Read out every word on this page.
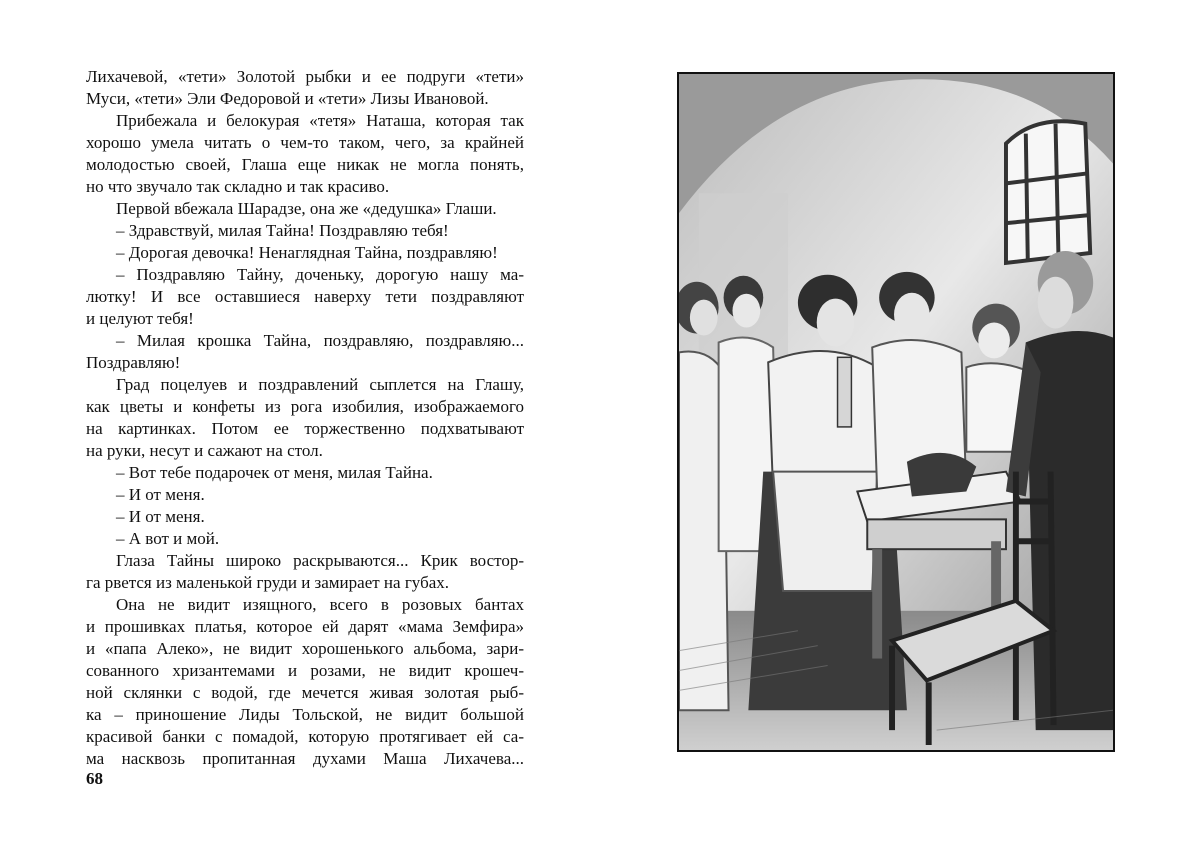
Лихачевой, «тети» Золотой рыбки и ее подруги «тети»
Муси, «тети» Эли Федоровой и «тети» Лизы Ивановой.
Прибежала и белокурая «тетя» Наташа, которая так
хорошо умела читать о чем-то таком, чего, за крайней
молодостью своей, Глаша еще никак не могла понять,
но что звучало так складно и так красиво.
Первой вбежала Шарадзе, она же «дедушка» Глаши.
– Здравствуй, милая Тайна! Поздравляю тебя!
– Дорогая девочка! Ненаглядная Тайна, поздравляю!
– Поздравляю Тайну, доченьку, дорогую нашу ма-
лютку! И все оставшиеся наверху тети поздравляют
и целуют тебя!
– Милая крошка Тайна, поздравляю, поздравляю...
Поздравляю!
Град поцелуев и поздравлений сыплется на Глашу,
как цветы и конфеты из рога изобилия, изображаемого
на картинках. Потом ее торжественно подхватывают
на руки, несут и сажают на стол.
– Вот тебе подарочек от меня, милая Тайна.
– И от меня.
– И от меня.
– А вот и мой.
Глаза Тайны широко раскрываются... Крик востор-
га рвется из маленькой груди и замирает на губах.
Она не видит изящного, всего в розовых бантах
и прошивках платья, которое ей дарят «мама Земфира»
и «папа Алеко», не видит хорошенького альбома, зари-
сованного хризантемами и розами, не видит крошеч-
ной склянки с водой, где мечется живая золотая рыб-
ка – приношение Лиды Тольской, не видит большой
красивой банки с помадой, которую протягивает ей са-
ма насквозь пропитанная духами Маша Лихачева...
68
